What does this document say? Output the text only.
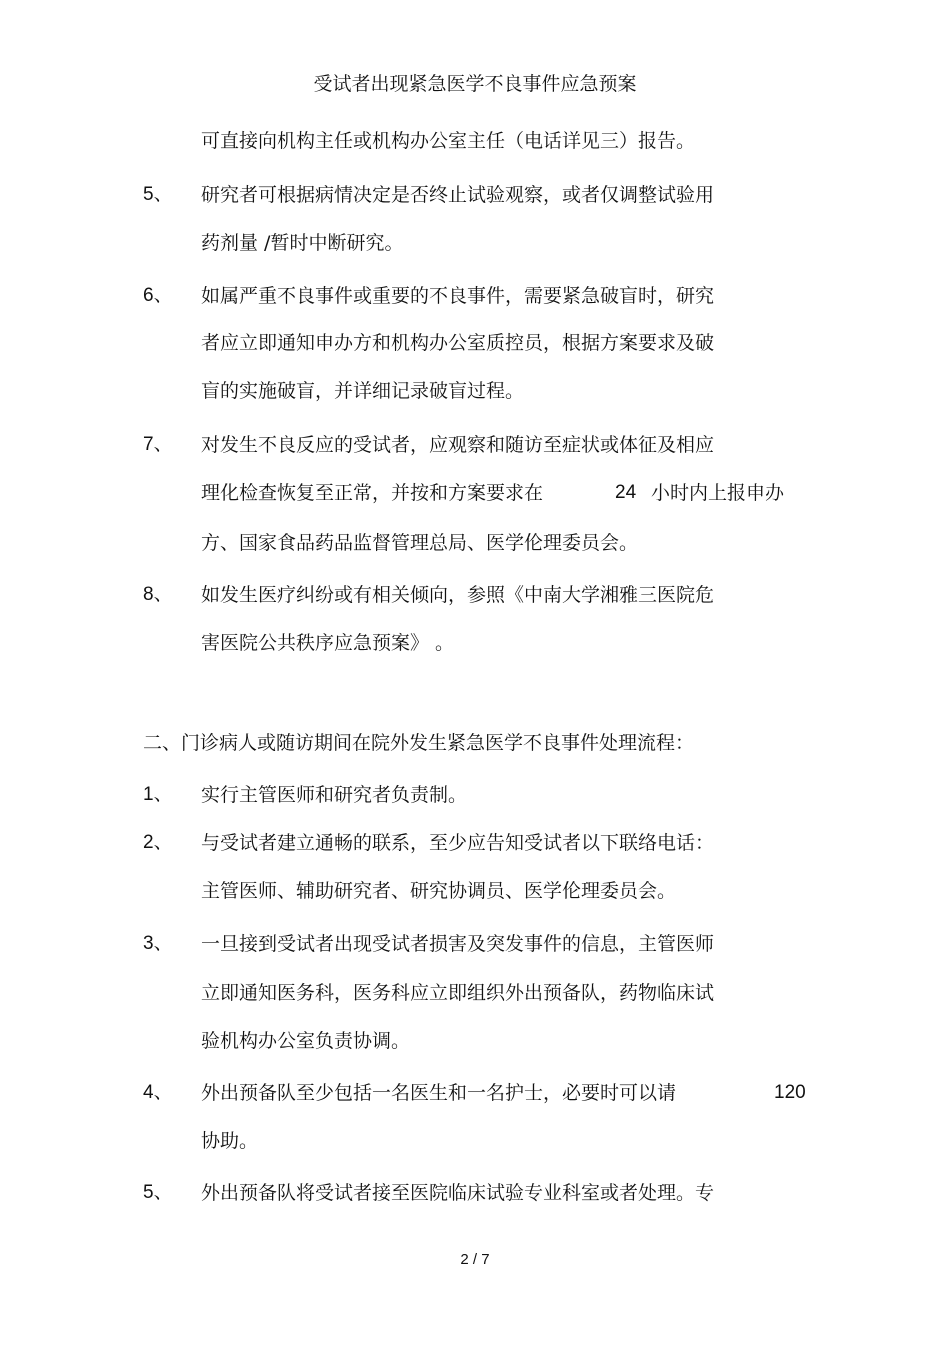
受试者出现紧急医学不良事件应急预案
可直接向机构主任或机构办公室主任（电话详见三）报告。
5、 研究者可根据病情决定是否终止试验观察，或者仅调整试验用
药剂量 /暂时中断研究。
6、 如属严重不良事件或重要的不良事件，需要紧急破盲时，研究
者应立即通知申办方和机构办公室质控员，根据方案要求及破
盲的实施破盲，并详细记录破盲过程。
7、 对发生不良反应的受试者，应观察和随访至症状或体征及相应
理化检查恢复至正常，并按和方案要求在	24 小时内上报申办
方、国家食品药品监督管理总局、医学伦理委员会。
8、 如发生医疗纠纷或有相关倾向，参照《中南大学湘雅三医院危
害医院公共秩序应急预案》 。
二、门诊病人或随访期间在院外发生紧急医学不良事件处理流程：
1、 实行主管医师和研究者负责制。
2、 与受试者建立通畅的联系，至少应告知受试者以下联络电话：
主管医师、辅助研究者、研究协调员、医学伦理委员会。
3、 一旦接到受试者出现受试者损害及突发事件的信息，主管医师
立即通知医务科，医务科应立即组织外出预备队，药物临床试
验机构办公室负责协调。
4、 外出预备队至少包括一名医生和一名护士，必要时可以请	120
协助。
5、 外出预备队将受试者接至医院临床试验专业科室或者处理。专
2 / 7
